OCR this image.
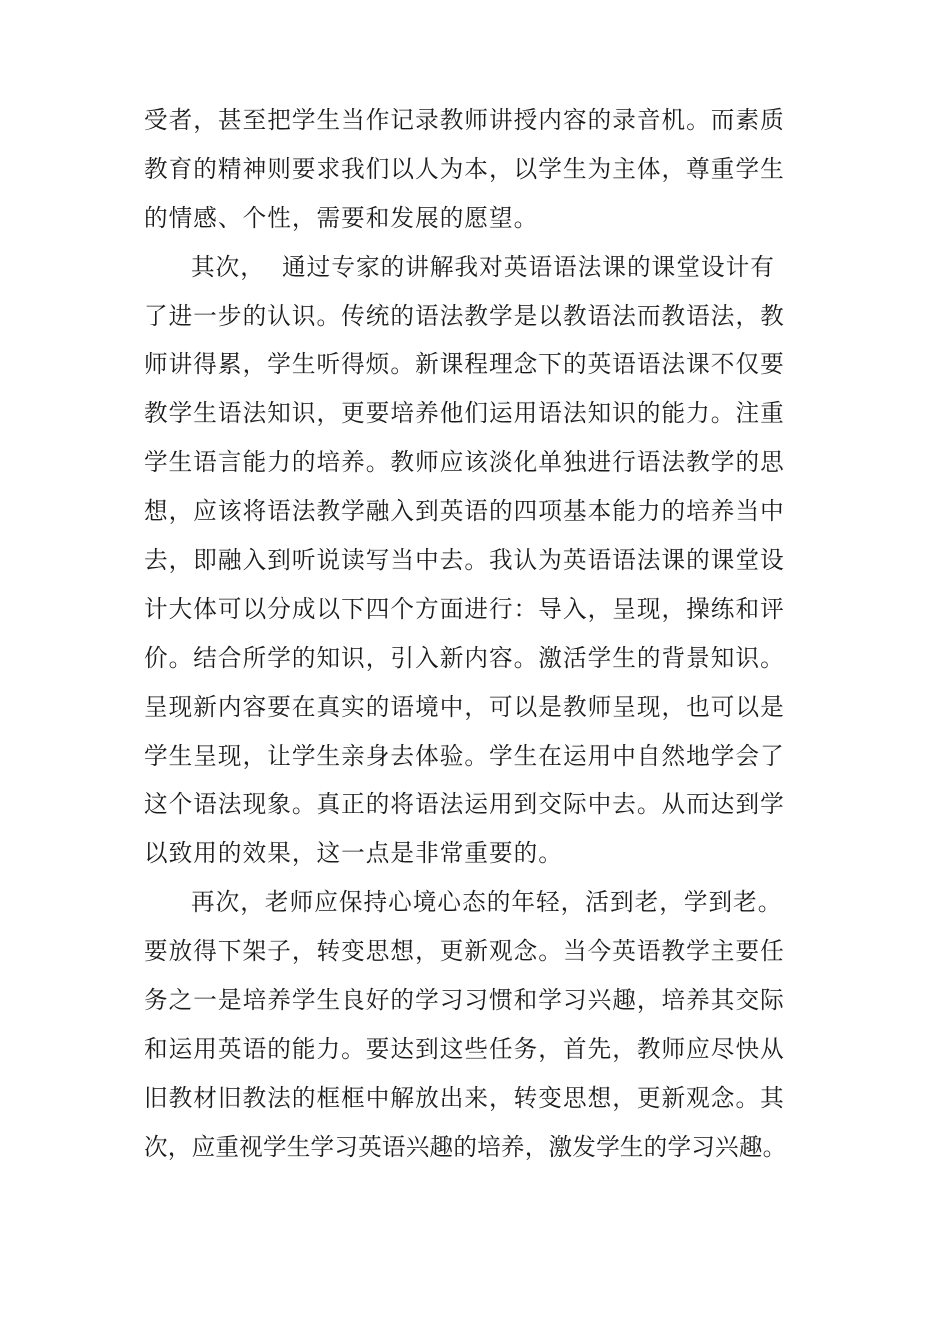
受者，甚至把学生当作记录教师讲授内容的录音机。而素质
教育的精神则要求我们以人为本，以学生为主体，尊重学生
的情感、个性，需要和发展的愿望。
其次，  通过专家的讲解我对英语语法课的课堂设计有
了进一步的认识。传统的语法教学是以教语法而教语法，教
师讲得累，学生听得烦。新课程理念下的英语语法课不仅要
教学生语法知识，更要培养他们运用语法知识的能力。注重
学生语言能力的培养。教师应该淡化单独进行语法教学的思
想，应该将语法教学融入到英语的四项基本能力的培养当中
去，即融入到听说读写当中去。我认为英语语法课的课堂设
计大体可以分成以下四个方面进行：导入，呈现，操练和评
价。结合所学的知识，引入新内容。激活学生的背景知识。
呈现新内容要在真实的语境中，可以是教师呈现，也可以是
学生呈现，让学生亲身去体验。学生在运用中自然地学会了
这个语法现象。真正的将语法运用到交际中去。从而达到学
以致用的效果，这一点是非常重要的。
再次，老师应保持心境心态的年轻，活到老，学到老。
要放得下架子，转变思想，更新观念。当今英语教学主要任
务之一是培养学生良好的学习习惯和学习兴趣，培养其交际
和运用英语的能力。要达到这些任务，首先，教师应尽快从
旧教材旧教法的框框中解放出来，转变思想，更新观念。其
次，应重视学生学习英语兴趣的培养，激发学生的学习兴趣。
